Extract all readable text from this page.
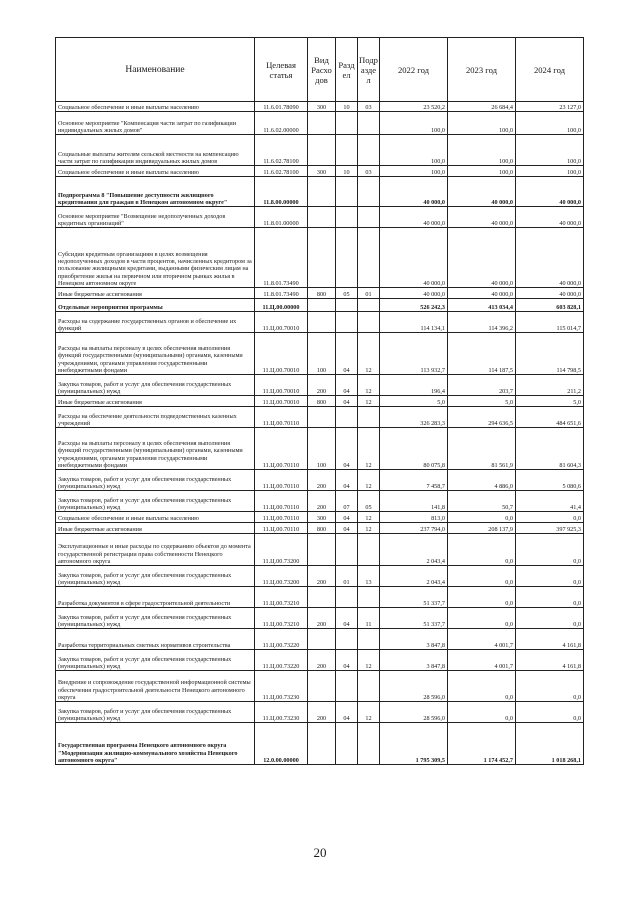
Наименование	Целевая статья	Вид Расхо дов	Разд ел	Подр азде л	2022 год	2023 год	2024 год
Социальное обеспечение и иные выплаты населению	11.6.01.78090	300	10	03	23 520,2	26 684,4	23 127,0
Основное мероприятие "Компенсация части затрат по газификации индивидуальных жилых домов"	11.6.02.00000				100,0	100,0	100,0
Социальные выплаты жителям сельской местности на компенсацию части затрат по газификации индивидуальных жилых домов	11.6.02.78100				100,0	100,0	100,0
Социальное обеспечение и иные выплаты населению	11.6.02.78100	300	10	03	100,0	100,0	100,0
Подпрограмма 8 "Повышение доступности жилищного кредитования для граждан в Ненецком автономном округе"	11.8.00.00000				40 000,0	40 000,0	40 000,0
Основное мероприятие "Возмещение недополученных доходов кредитных организаций"	11.8.01.00000				40 000,0	40 000,0	40 000,0
Субсидии кредитным организациям в целях возмещения недополученных доходов в части процентов, начисленных кредитором за пользование жилищными кредитами, выданными физическим лицам на приобретение жилья на первичном или вторичном рынках жилья в Ненецком автономном округе	11.8.01.73490				40 000,0	40 000,0	40 000,0
Иные бюджетные ассигнования	11.8.01.73490	800	05	01	40 000,0	40 000,0	40 000,0
Отдельные мероприятия программы	11.Ц.00.00000				526 242,3	413 034,4	603 828,1
Расходы на содержание государственных органов и обеспечение их функций	11.Ц.00.70010				114 134,1	114 396,2	115 014,7
Расходы на выплаты персоналу в целях обеспечения выполнения функций государственными (муниципальными) органами, казенными учреждениями, органами управления государственными внебюджетными фондами	11.Ц.00.70010	100	04	12	113 932,7	114 187,5	114 798,5
Закупка товаров, работ и услуг для обеспечения государственных (муниципальных) нужд	11.Ц.00.70010	200	04	12	196,4	203,7	211,2
Иные бюджетные ассигнования	11.Ц.00.70010	800	04	12	5,0	5,0	5,0
Расходы на обеспечение деятельности подведомственных казенных учреждений	11.Ц.00.70110				326 283,3	294 636,5	484 651,6
Расходы на выплаты персоналу в целях обеспечения выполнения функций государственными (муниципальными) органами, казенными учреждениями, органами управления государственными внебюджетными фондами	11.Ц.00.70110	100	04	12	80 075,8	81 561,9	81 604,3
Закупка товаров, работ и услуг для обеспечения государственных (муниципальных) нужд	11.Ц.00.70110	200	04	12	7 458,7	4 886,0	5 080,6
Закупка товаров, работ и услуг для обеспечения государственных (муниципальных) нужд	11.Ц.00.70110	200	07	05	141,8	50,7	41,4
Социальное обеспечение и иные выплаты населению	11.Ц.00.70110	300	04	12	813,0	0,0	0,0
Иные бюджетные ассигнования	11.Ц.00.70110	800	04	12	237 794,0	208 137,9	397 925,3
Эксплуатационные и иные расходы по содержанию объектов до момента государственной регистрации права собственности Ненецкого автономного округа	11.Ц.00.73200				2 043,4	0,0	0,0
Закупка товаров, работ и услуг для обеспечения государственных (муниципальных) нужд	11.Ц.00.73200	200	01	13	2 043,4	0,0	0,0
Разработка документов в сфере градостроительной деятельности	11.Ц.00.73210				51 337,7	0,0	0,0
Закупка товаров, работ и услуг для обеспечения государственных (муниципальных) нужд	11.Ц.00.73210	200	04	11	51 337,7	0,0	0,0
Разработка территориальных сметных нормативов строительства	11.Ц.00.73220				3 847,8	4 001,7	4 161,8
Закупка товаров, работ и услуг для обеспечения государственных (муниципальных) нужд	11.Ц.00.73220	200	04	12	3 847,8	4 001,7	4 161,8
Внедрение и сопровождение государственной информационной системы обеспечения градостроительной деятельности Ненецкого автономного округа	11.Ц.00.73230				28 596,0	0,0	0,0
Закупка товаров, работ и услуг для обеспечения государственных (муниципальных) нужд	11.Ц.00.73230	200	04	12	28 596,0	0,0	0,0
Государственная программа Ненецкого автономного округа "Модернизация жилищно-коммунального хозяйства Ненецкого автономного округа"	12.0.00.00000				1 795 309,5	1 174 452,7	1 018 268,1
20
